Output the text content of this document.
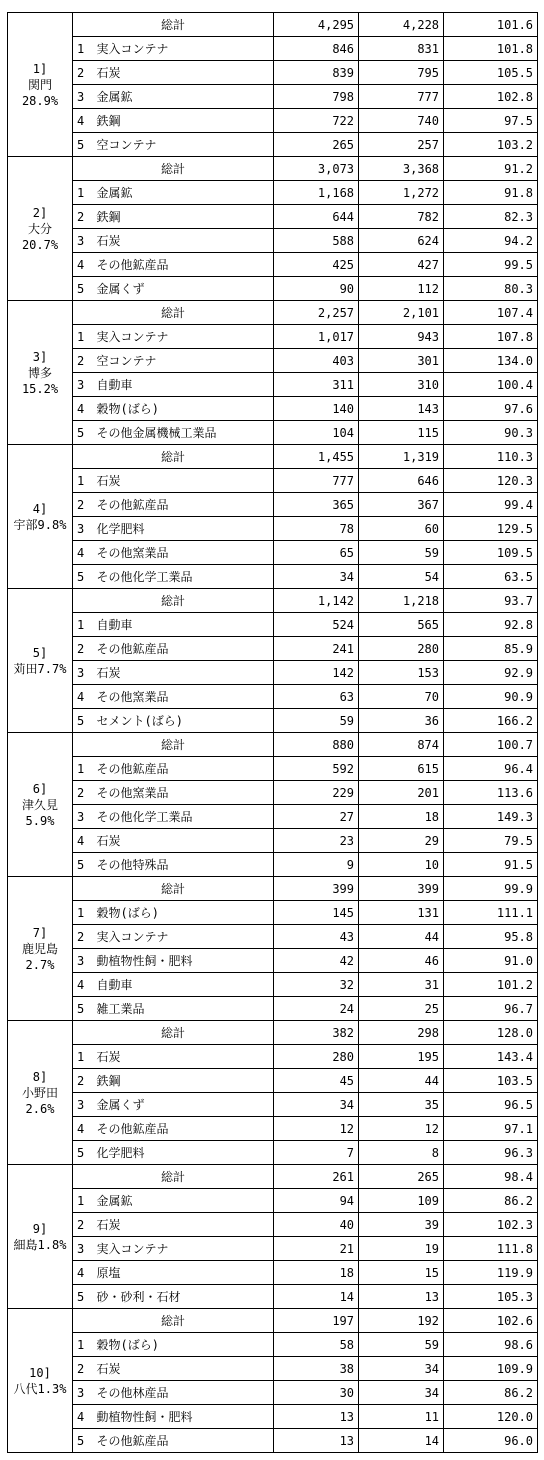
1]
関門
28.9%	総計		4,295	4,228	101.6
	1	実入コンテナ	846	831	101.8
	2	石炭	839	795	105.5
	3	金属鉱	798	777	102.8
	4	鉄鋼	722	740	97.5
	5	空コンテナ	265	257	103.2

2]
大分
20.7%	総計		3,073	3,368	91.2
	1	金属鉱	1,168	1,272	91.8
	2	鉄鋼	644	782	82.3
	3	石炭	588	624	94.2
	4	その他鉱産品	425	427	99.5
	5	金属くず	90	112	80.3

3]
博多
15.2%	総計		2,257	2,101	107.4
	1	実入コンテナ	1,017	943	107.8
	2	空コンテナ	403	301	134.0
	3	自動車	311	310	100.4
	4	穀物(ばら)	140	143	97.6
	5	その他金属機械工業品	104	115	90.3

4]
宇部9.8%	総計		1,455	1,319	110.3
	1	石炭	777	646	120.3
	2	その他鉱産品	365	367	99.4
	3	化学肥料	78	60	129.5
	4	その他窯業品	65	59	109.5
	5	その他化学工業品	34	54	63.5

5]
苅田7.7%	総計		1,142	1,218	93.7
	1	自動車	524	565	92.8
	2	その他鉱産品	241	280	85.9
	3	石炭	142	153	92.9
	4	その他窯業品	63	70	90.9
	5	セメント(ばら)	59	36	166.2

6]
津久見
5.9%	総計		880	874	100.7
	1	その他鉱産品	592	615	96.4
	2	その他窯業品	229	201	113.6
	3	その他化学工業品	27	18	149.3
	4	石炭	23	29	79.5
	5	その他特殊品	9	10	91.5

7]
鹿児島
2.7%	総計		399	399	99.9
	1	穀物(ばら)	145	131	111.1
	2	実入コンテナ	43	44	95.8
	3	動植物性飼・肥料	42	46	91.0
	4	自動車	32	31	101.2
	5	雑工業品	24	25	96.7

8]
小野田
2.6%	総計		382	298	128.0
	1	石炭	280	195	143.4
	2	鉄鋼	45	44	103.5
	3	金属くず	34	35	96.5
	4	その他鉱産品	12	12	97.1
	5	化学肥料	7	8	96.3

9]
細島1.8%	総計		261	265	98.4
	1	金属鉱	94	109	86.2
	2	石炭	40	39	102.3
	3	実入コンテナ	21	19	111.8
	4	原塩	18	15	119.9
	5	砂・砂利・石材	14	13	105.3

10]
八代1.3%	総計		197	192	102.6
	1	穀物(ばら)	58	59	98.6
	2	石炭	38	34	109.9
	3	その他林産品	30	34	86.2
	4	動植物性飼・肥料	13	11	120.0
	5	その他鉱産品	13	14	96.0
